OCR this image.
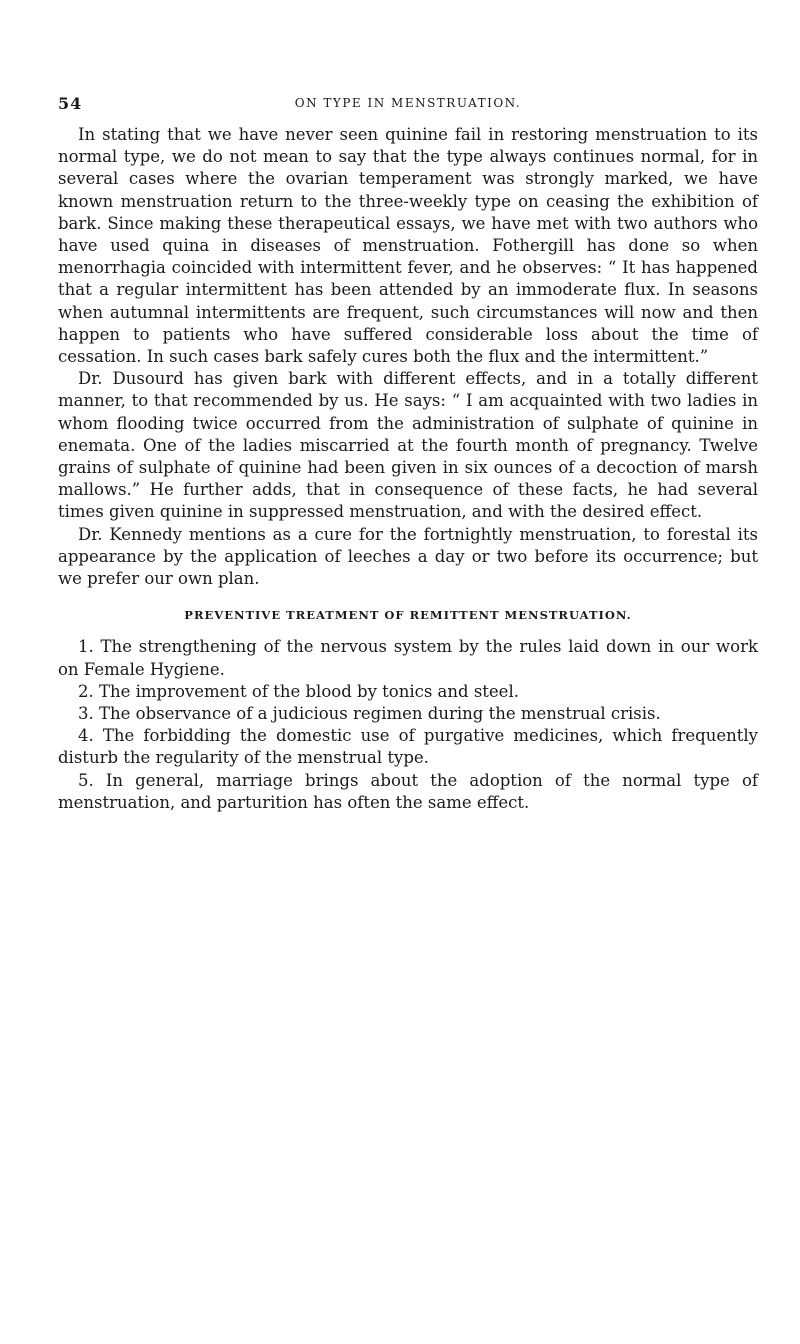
54	ON TYPE IN MENSTRUATION.

In stating that we have never seen quinine fail in restoring menstruation to its normal type, we do not mean to say that the type always continues normal, for in several cases where the ovarian temperament was strongly marked, we have known menstruation return to the three-weekly type on ceasing the exhibition of bark. Since making these therapeutical essays, we have met with two authors who have used quina in diseases of menstruation. Fothergill has done so when menorrhagia coincided with intermittent fever, and he observes: “ It has happened that a regular intermittent has been attended by an immoderate flux. In seasons when autumnal intermittents are frequent, such circumstances will now and then happen to patients who have suffered considerable loss about the time of cessation. In such cases bark safely cures both the flux and the intermittent.”

Dr. Dusourd has given bark with different effects, and in a totally different manner, to that recommended by us. He says: “ I am acquainted with two ladies in whom flooding twice occurred from the administration of sulphate of quinine in enemata. One of the ladies miscarried at the fourth month of pregnancy. Twelve grains of sulphate of quinine had been given in six ounces of a decoction of marsh mallows.” He further adds, that in consequence of these facts, he had several times given quinine in suppressed menstruation, and with the desired effect.

Dr. Kennedy mentions as a cure for the fortnightly menstruation, to forestal its appearance by the application of leeches a day or two before its occurrence; but we prefer our own plan.

PREVENTIVE TREATMENT OF REMITTENT MENSTRUATION.

1. The strengthening of the nervous system by the rules laid down in our work on Female Hygiene.

2. The improvement of the blood by tonics and steel.

3. The observance of a judicious regimen during the menstrual crisis.

4. The forbidding the domestic use of purgative medicines, which frequently disturb the regularity of the menstrual type.

5. In general, marriage brings about the adoption of the normal type of menstruation, and parturition has often the same effect.
